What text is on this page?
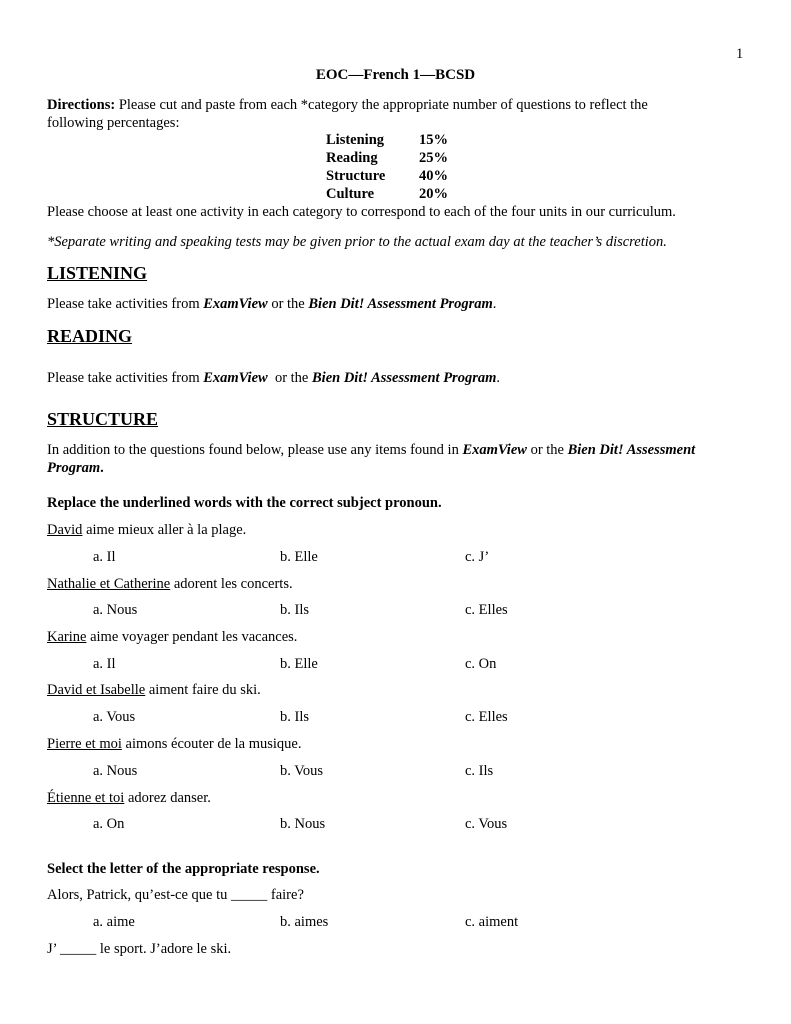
1
EOC—French 1—BCSD
Directions: Please cut and paste from each *category the appropriate number of questions to reflect the
following percentages:
Listening 15%
Reading	25%
Structure 40%
Culture	20%
Please choose at least one activity in each category to correspond to each of the four units in our curriculum.
*Separate writing and speaking tests may be given prior to the actual exam day at the teacher’s discretion.
LISTENING
Please take activities from ExamView or the Bien Dit! Assessment Program.
READING
Please take activities from ExamView  or the Bien Dit! Assessment Program.
STRUCTURE
In addition to the questions found below, please use any items found in ExamView or the Bien Dit! Assessment
Program.
Replace the underlined words with the correct subject pronoun.
David aime mieux aller à la plage.
a. Il	b. Elle	c. J’
Nathalie et Catherine adorent les concerts.
a. Nous	b. Ils	c. Elles
Karine aime voyager pendant les vacances.
a. Il	b. Elle	c. On
David et Isabelle aiment faire du ski.
a. Vous	b. Ils	c. Elles
Pierre et moi aimons écouter de la musique.
a. Nous	b. Vous	c. Ils
Étienne et toi adorez danser.
a. On	b. Nous	c. Vous
Select the letter of the appropriate response.
Alors, Patrick, qu’est-ce que tu _____ faire?
a. aime	b. aimes	c. aiment
J’ _____ le sport. J’adore le ski.
